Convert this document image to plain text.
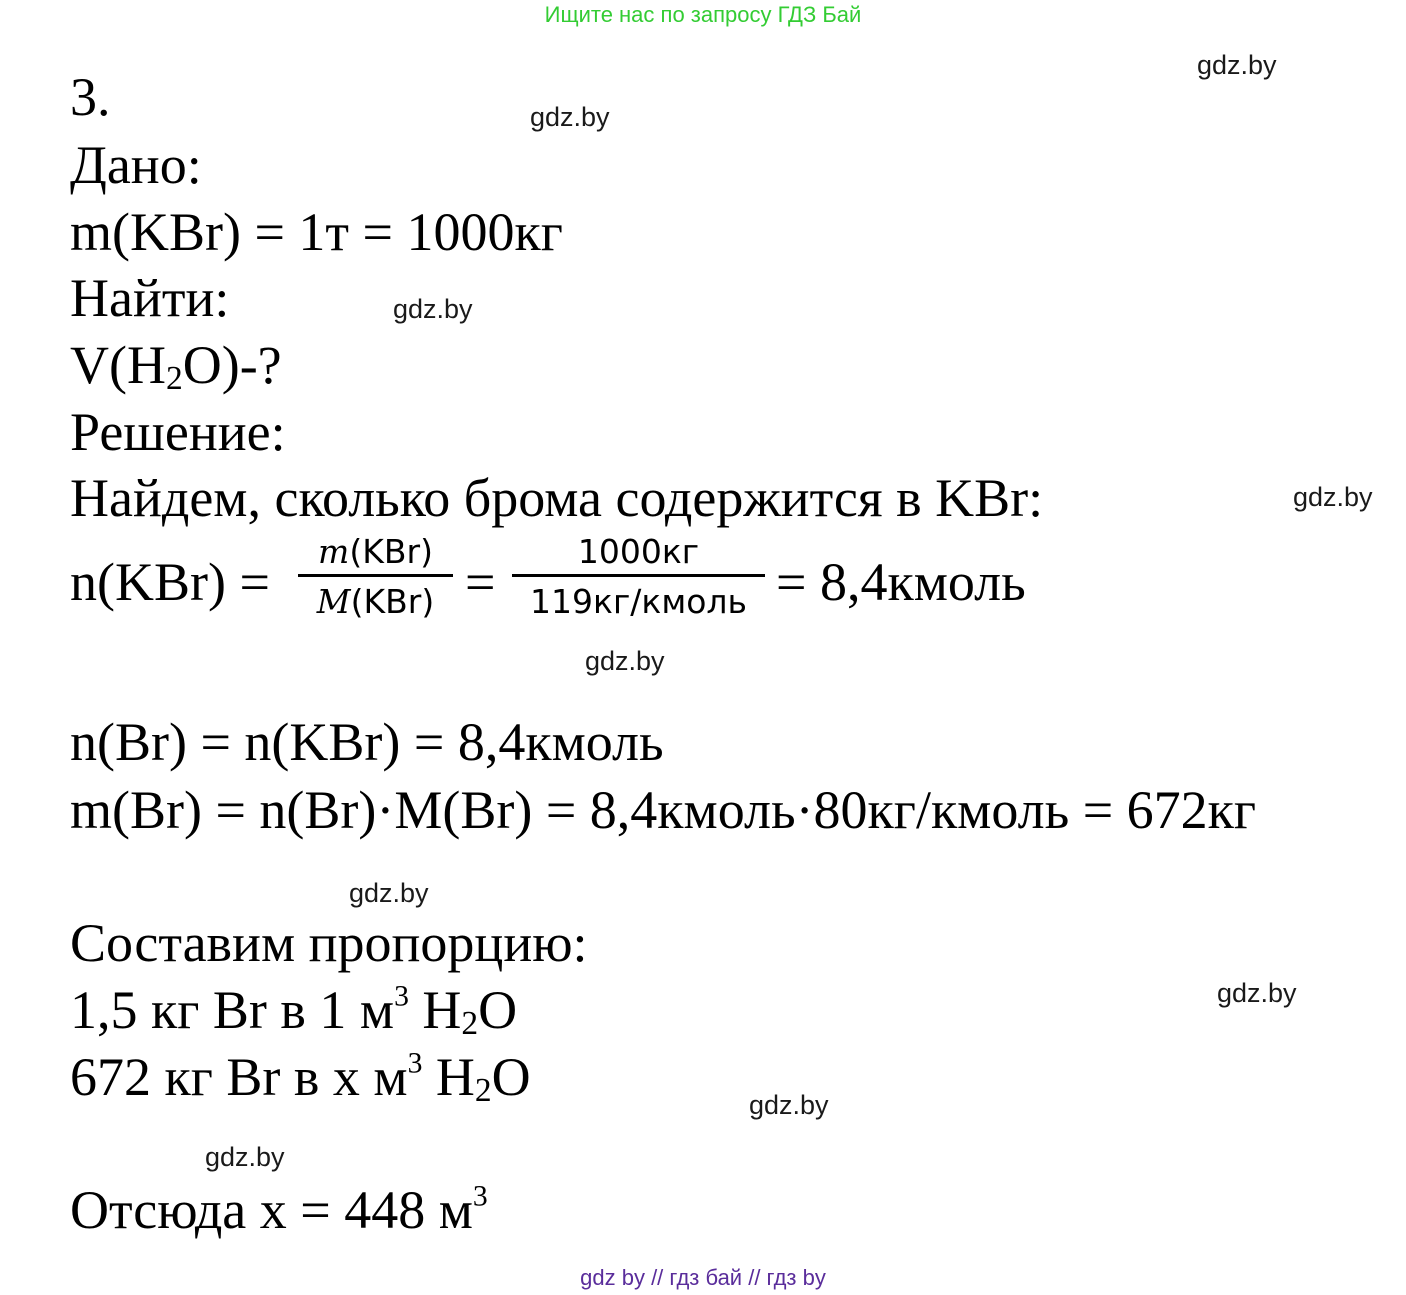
Ищите нас по запросу ГДЗ Бай
3.
Дано:
m(KBr) = 1т = 1000кг
Найти:
$V(H_2O)-$?
Решение:
Найдем, сколько брома содержится в KBr:
n(KBr) =
m(KBr)
M(KBr) =
1000кг
119кг/кмоль = 8,4кмоль
n(Br) = n(KBr) = 8,4кмоль
m(Br) = n(Br)·M(Br) = 8,4кмоль·80кг/кмоль = 672кг
Составим пропорцию:
1,5 кг Br в 1 $м^3$ $H_2O$
672 кг Br в х $м^3$ $H_2O$
Отсюда х = 448 $м^3$
gdz.by
gdz.by
gdz.by
gdz.by
gdz.by
gdz.by
gdz.by
gdz.by
gdz.by
gdz by // гдз бай // гдз by
